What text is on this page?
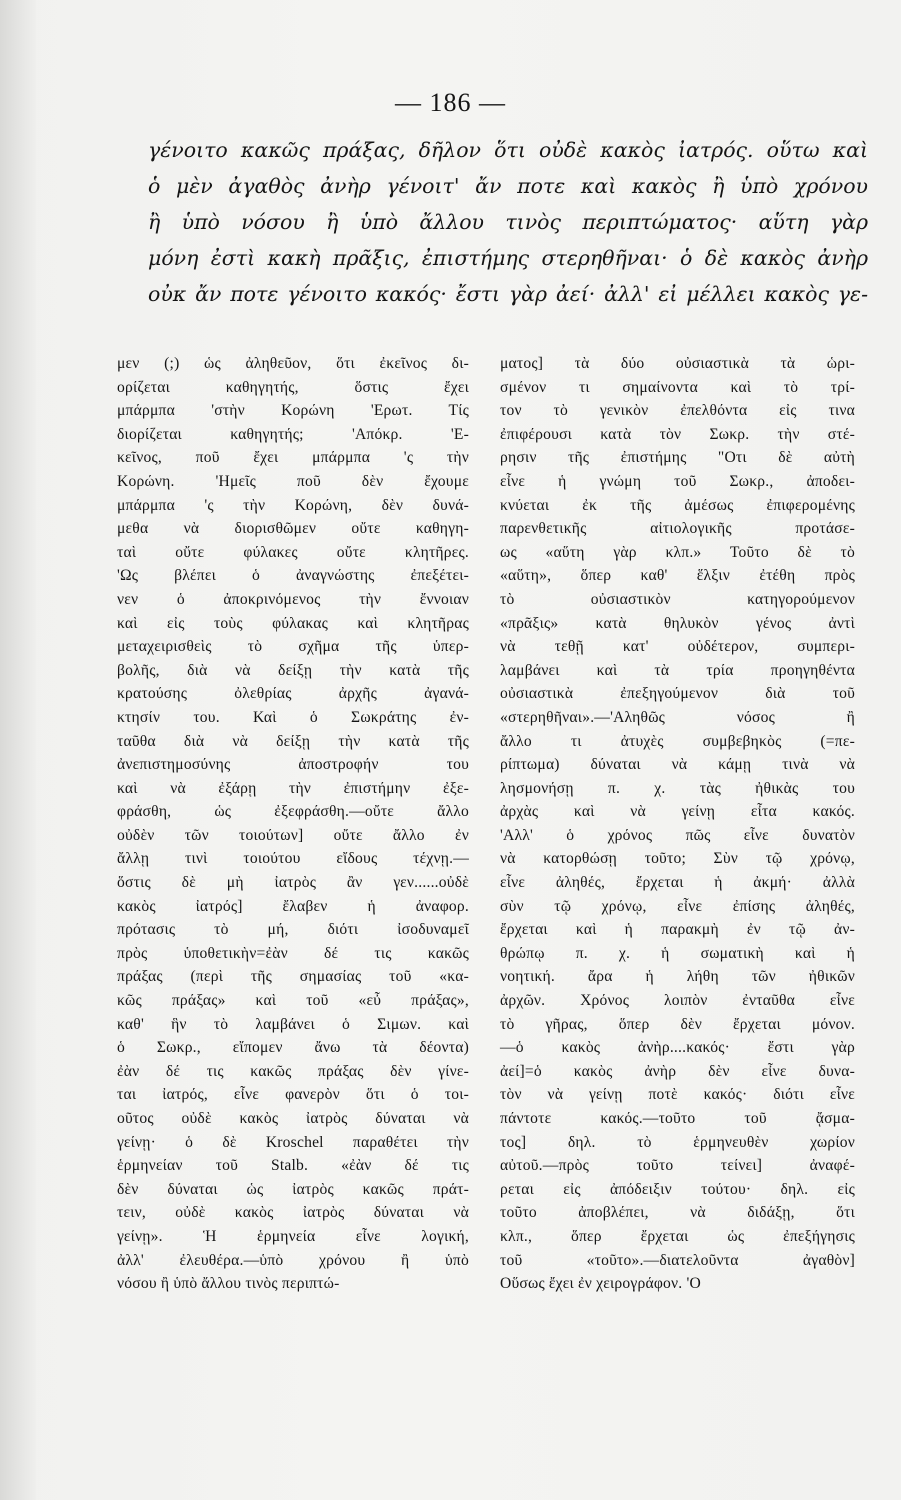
— 186 —
γένοιτο κακῶς πράξας, δῆλον ὅτι οὐδὲ κακὸς ἰατρός. οὕτω καὶ
ὁ μὲν ἀγαθὸς ἀνὴρ γένοιτ' ἄν ποτε καὶ κακὸς ἢ ὑπὸ χρόνου
ἢ ὑπὸ νόσου ἢ ὑπὸ ἄλλου τινὸς περιπτώματος· αὕτη γὰρ
μόνη ἐστὶ κακὴ πρᾶξις, ἐπιστήμης στερηθῆναι· ὁ δὲ κακὸς ἀνὴρ
οὐκ ἄν ποτε γένοιτο κακός· ἔστι γὰρ ἀεί· ἀλλ' εἰ μέλλει κακὸς γε-
μεν (;) ὡς ἀληθεῦον, ὅτι ἐκεῖνος δι-
ορίζεται καθηγητής, ὅστις ἔχει
μπάρμπα 'στὴν Κορώνη 'Ερωτ. Τίς
διορίζεται καθηγητής; 'Απόκρ. 'Ε-
κεῖνος, ποῦ ἔχει μπάρμπα 'ς τὴν
Κορώνη. 'Ημεῖς ποῦ δὲν ἔχουμε
μπάρμπα 'ς τὴν Κορώνη, δὲν δυνά-
μεθα νὰ διορισθῶμεν οὔτε καθηγη-
ταὶ οὔτε φύλακες οὔτε κλητῆρες.
'Ως βλέπει ὁ ἀναγνώστης ἐπεξέτει-
νεν ὁ ἀποκρινόμενος τὴν ἔννοιαν
καὶ εἰς τοὺς φύλακας καὶ κλητῆρας
μεταχειρισθεὶς τὸ σχῆμα τῆς ὑπερ-
βολῆς, διὰ νὰ δείξῃ τὴν κατὰ τῆς
κρατούσης ὀλεθρίας ἀρχῆς ἀγανά-
κτησίν του. Καὶ ὁ Σωκράτης ἐν-
ταῦθα διὰ νὰ δείξῃ τὴν κατὰ τῆς
ἀνεπιστημοσύνης ἀποστροφήν του
καὶ νὰ ἐξάρῃ τὴν ἐπιστήμην ἐξε-
φράσθη, ὡς ἐξεφράσθη.—οὔτε ἄλλο
οὐδὲν τῶν τοιούτων] οὔτε ἄλλο ἐν
ἄλλῃ τινὶ τοιούτου εἴδους τέχνῃ.—
ὅστις δὲ μὴ ἰατρὸς ἂν γεν......οὐδὲ
κακὸς ἰατρός] ἔλαβεν ἡ ἀναφορ.
πρότασις τὸ μή, διότι ἰσοδυναμεῖ
πρὸς ὑποθετικὴν=ἐὰν δέ τις κακῶς
πράξας (περὶ τῆς σημασίας τοῦ «κα-
κῶς πράξας» καὶ τοῦ «εὖ πράξας»,
καθ' ἣν τὸ λαμβάνει ὁ Σιμων. καὶ
ὁ Σωκρ., εἴπομεν ἄνω τὰ δέοντα)
ἐὰν δέ τις κακῶς πράξας δὲν γίνε-
ται ἰατρός, εἶνε φανερὸν ὅτι ὁ τοι-
οῦτος οὐδὲ κακὸς ἰατρὸς δύναται νὰ
γείνῃ· ὁ δὲ Kroschel παραθέτει τὴν
ἑρμηνείαν τοῦ Stalb. «ἐὰν δέ τις
δὲν δύναται ὡς ἰατρὸς κακῶς πράτ-
τειν, οὐδὲ κακὸς ἰατρὸς δύναται νὰ
γείνῃ». Ἡ ἑρμηνεία εἶνε λογική,
ἀλλ' ἐλευθέρα.—ὑπὸ χρόνου ἢ ὑπὸ
νόσου ἢ ὑπὸ ἄλλου τινὸς περιπτώ-
ματος] τὰ δύο οὐσιαστικὰ τὰ ὡρι-
σμένον τι σημαίνοντα καὶ τὸ τρί-
τον τὸ γενικὸν ἐπελθόντα εἰς τινα
ἐπιφέρουσι κατὰ τὸν Σωκρ. τὴν στέ-
ρησιν τῆς ἐπιστήμης "Οτι δὲ αὐτὴ
εἶνε ἡ γνώμη τοῦ Σωκρ., ἀποδει-
κνύεται ἐκ τῆς ἀμέσως ἐπιφερομένης
παρενθετικῆς αἰτιολογικῆς προτάσε-
ως «αὕτη γὰρ κλπ.» Τοῦτο δὲ τὸ
«αὕτη», ὅπερ καθ' ἕλξιν ἐτέθη πρὸς
τὸ οὐσιαστικὸν κατηγορούμενον
«πρᾶξις» κατὰ θηλυκὸν γένος ἀντὶ
νὰ τεθῇ κατ' οὐδέτερον, συμπερι-
λαμβάνει καὶ τὰ τρία προηγηθέντα
οὐσιαστικὰ ἐπεξηγούμενον διὰ τοῦ
«στερηθῆναι».—'Αληθῶς νόσος ἢ
ἄλλο τι ἀτυχὲς συμβεβηκὸς (=πε-
ρίπτωμα) δύναται νὰ κάμῃ τινὰ νὰ
λησμονήσῃ π. χ. τὰς ἠθικὰς του
ἀρχὰς καὶ νὰ γείνῃ εἶτα κακός.
'Αλλ' ὁ χρόνος πῶς εἶνε δυνατὸν
νὰ κατορθώσῃ τοῦτο; Σὺν τῷ χρόνῳ,
εἶνε ἀληθές, ἔρχεται ἡ ἀκμή· ἀλλὰ
σὺν τῷ χρόνῳ, εἶνε ἐπίσης ἀληθές,
ἔρχεται καὶ ἡ παρακμὴ ἐν τῷ ἀν-
θρώπῳ π. χ. ἡ σωματικὴ καὶ ἡ
νοητική. ἄρα ἡ λήθη τῶν ἠθικῶν
ἀρχῶν. Χρόνος λοιπὸν ἐνταῦθα εἶνε
τὸ γῆρας, ὅπερ δὲν ἔρχεται μόνον.
—ὁ κακὸς ἀνὴρ....κακός· ἔστι γὰρ
ἀεί]=ὁ κακὸς ἀνὴρ δὲν εἶνε δυνα-
τὸν νὰ γείνῃ ποτὲ κακός· διότι εἶνε
πάντοτε κακός.—τοῦτο τοῦ ᾄσμα-
τος] δηλ. τὸ ἑρμηνευθὲν χωρίον
αὐτοῦ.—πρὸς τοῦτο τείνει] ἀναφέ-
ρεται εἰς ἀπόδειξιν τούτου· δηλ. εἰς
τοῦτο ἀποβλέπει, νὰ διδάξῃ, ὅτι
κλπ., ὅπερ ἔρχεται ὡς ἐπεξήγησις
τοῦ «τοῦτο».—διατελοῦντα ἀγαθὸν]
Οὕσως ἔχει ἐν χειρογράφον. 'Ο
